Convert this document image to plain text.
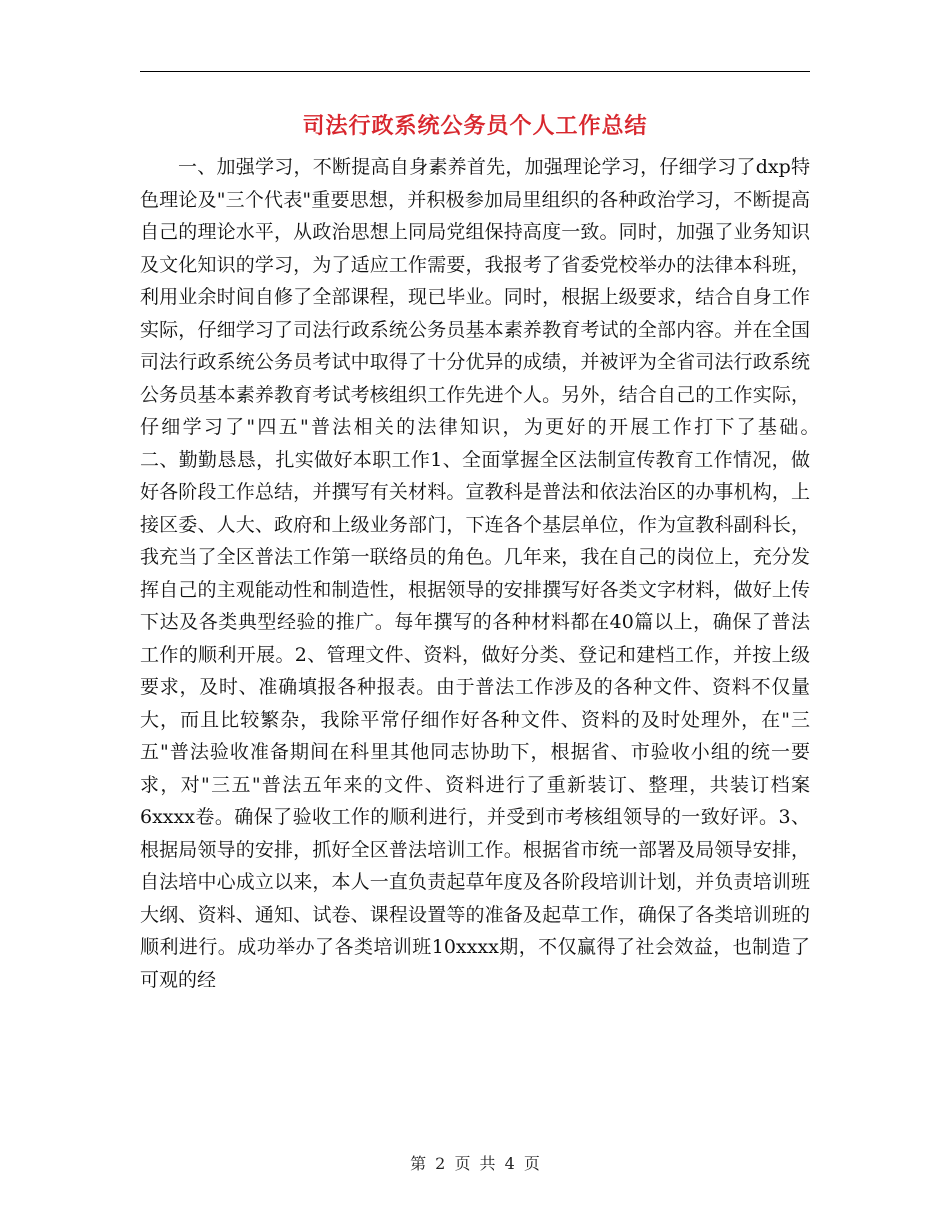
司法行政系统公务员个人工作总结

一、加强学习，不断提高自身素养首先，加强理论学习，仔细学习了dxp特色理论及"三个代表"重要思想，并积极参加局里组织的各种政治学习，不断提高自己的理论水平，从政治思想上同局党组保持高度一致。同时，加强了业务知识及文化知识的学习，为了适应工作需要，我报考了省委党校举办的法律本科班，利用业余时间自修了全部课程，现已毕业。同时，根据上级要求，结合自身工作实际，仔细学习了司法行政系统公务员基本素养教育考试的全部内容。并在全国司法行政系统公务员考试中取得了十分优异的成绩，并被评为全省司法行政系统公务员基本素养教育考试考核组织工作先进个人。另外，结合自己的工作实际，仔细学习了"四五"普法相关的法律知识，为更好的开展工作打下了基础。　　　　　　二、勤勤恳恳，扎实做好本职工作1、全面掌握全区法制宣传教育工作情况，做好各阶段工作总结，并撰写有关材料。宣教科是普法和依法治区的办事机构，上接区委、人大、政府和上级业务部门，下连各个基层单位，作为宣教科副科长，我充当了全区普法工作第一联络员的角色。几年来，我在自己的岗位上，充分发挥自己的主观能动性和制造性，根据领导的安排撰写好各类文字材料，做好上传下达及各类典型经验的推广。每年撰写的各种材料都在40篇以上，确保了普法工作的顺利开展。2、管理文件、资料，做好分类、登记和建档工作，并按上级要求，及时、准确填报各种报表。由于普法工作涉及的各种文件、资料不仅量大，而且比较繁杂，我除平常仔细作好各种文件、资料的及时处理外，在"三五"普法验收准备期间在科里其他同志协助下，根据省、市验收小组的统一要求，对"三五"普法五年来的文件、资料进行了重新装订、整理，共装订档案6xxxx卷。确保了验收工作的顺利进行，并受到市考核组领导的一致好评。3、根据局领导的安排，抓好全区普法培训工作。根据省市统一部署及局领导安排，自法培中心成立以来，本人一直负责起草年度及各阶段培训计划，并负责培训班大纲、资料、通知、试卷、课程设置等的准备及起草工作，确保了各类培训班的顺利进行。成功举办了各类培训班10xxxx期，不仅赢得了社会效益，也制造了可观的经

第 2 页 共 4 页
